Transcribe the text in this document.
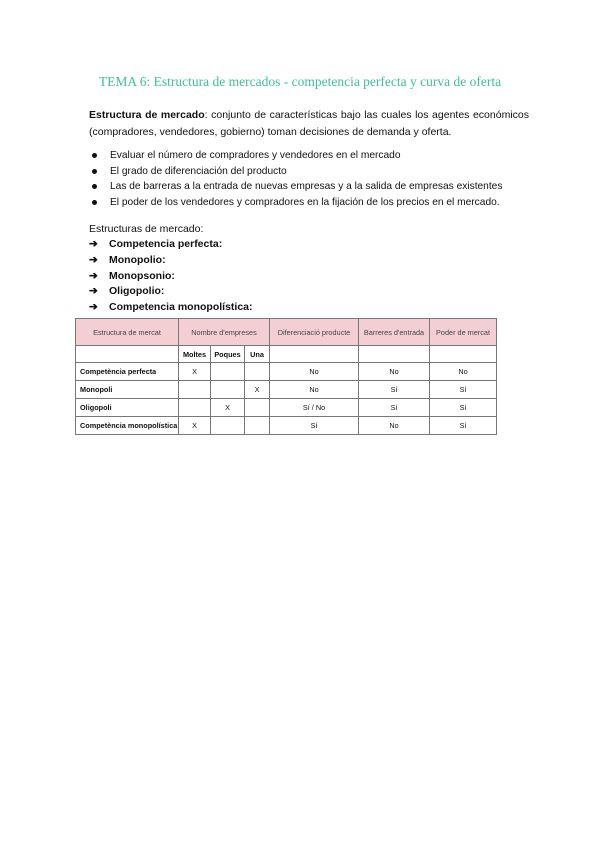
TEMA 6: Estructura de mercados - competencia perfecta y curva de oferta

Estructura de mercado: conjunto de características bajo las cuales los agentes económicos (compradores, vendedores, gobierno) toman decisiones de demanda y oferta.

Evaluar el número de compradores y vendedores en el mercado
El grado de diferenciación del producto
Las de barreras a la entrada de nuevas empresas y a la salida de empresas existentes
El poder de los vendedores y compradores en la fijación de los precios en el mercado.
Estructuras de mercado:
➔ Competencia perfecta:
➔ Monopolio:
➔ Monopsonio:
➔ Oligopolio:
➔ Competencia monopolística:
Estructura de mercat	Nombre d'empreses			Diferenciació producte	Barreres d'entrada	Poder de mercat
	Moltes	Poques	Una			
Competència perfecta	X			No	No	No
Monopoli			X	No	Sí	Sí
Oligopoli		X		Sí / No	Sí	Sí
Competència monopolística	X			Sí	No	Sí
